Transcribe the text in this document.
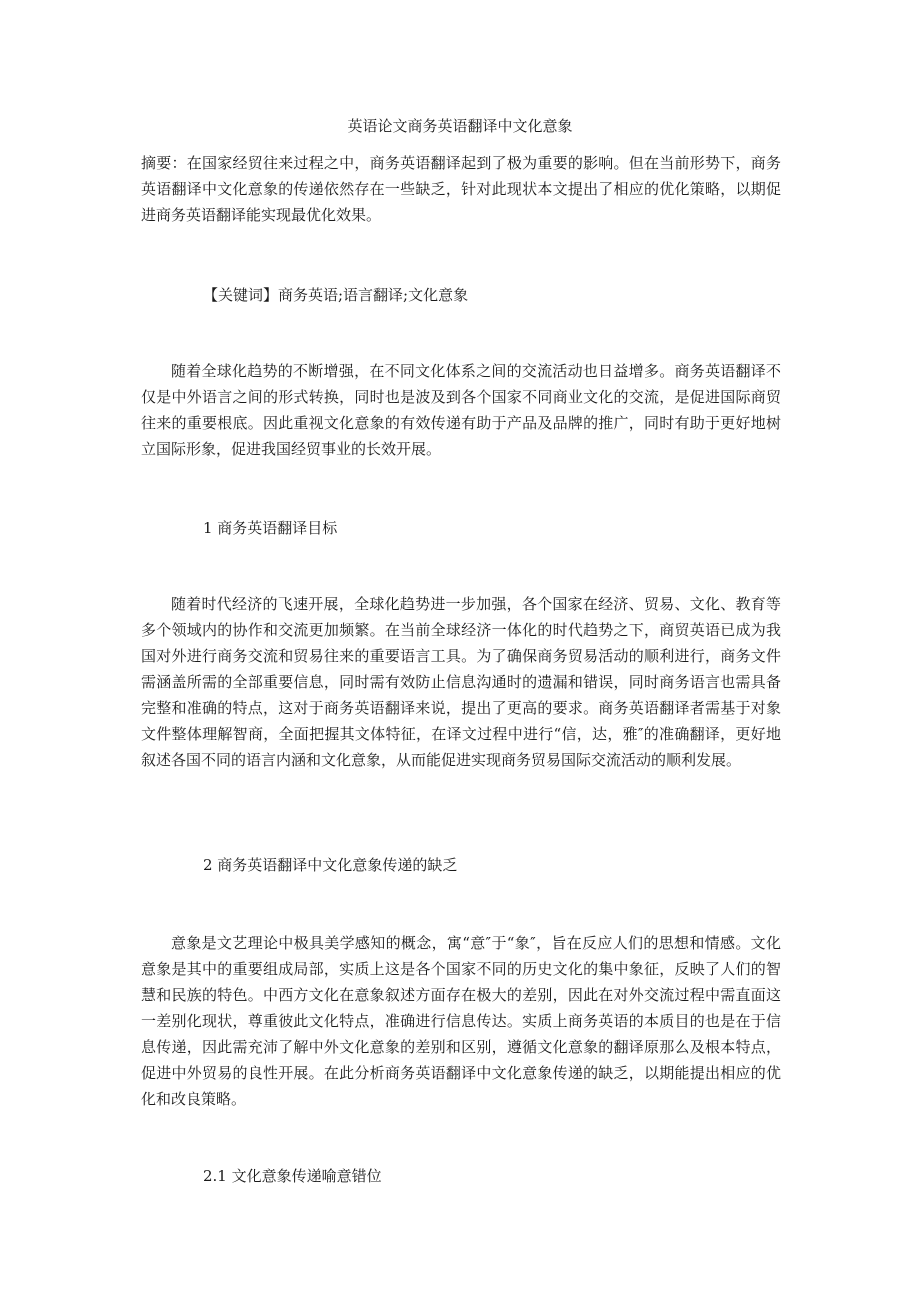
英语论文商务英语翻译中文化意象

摘要：在国家经贸往来过程之中，商务英语翻译起到了极为重要的影响。但在当前形势下，商务英语翻译中文化意象的传递依然存在一些缺乏，针对此现状本文提出了相应的优化策略，以期促进商务英语翻译能实现最优化效果。

【关键词】商务英语;语言翻译;文化意象

随着全球化趋势的不断增强，在不同文化体系之间的交流活动也日益增多。商务英语翻译不仅是中外语言之间的形式转换，同时也是波及到各个国家不同商业文化的交流，是促进国际商贸往来的重要根底。因此重视文化意象的有效传递有助于产品及品牌的推广，同时有助于更好地树立国际形象，促进我国经贸事业的长效开展。

1 商务英语翻译目标

随着时代经济的飞速开展，全球化趋势进一步加强，各个国家在经济、贸易、文化、教育等多个领域内的协作和交流更加频繁。在当前全球经济一体化的时代趋势之下，商贸英语已成为我国对外进行商务交流和贸易往来的重要语言工具。为了确保商务贸易活动的顺利进行，商务文件需涵盖所需的全部重要信息，同时需有效防止信息沟通时的遗漏和错误，同时商务语言也需具备完整和准确的特点，这对于商务英语翻译来说，提出了更高的要求。商务英语翻译者需基于对象文件整体理解智商，全面把握其文体特征，在译文过程中进行“信，达，雅″的准确翻译，更好地叙述各国不同的语言内涵和文化意象，从而能促进实现商务贸易国际交流活动的顺利发展。

2 商务英语翻译中文化意象传递的缺乏

意象是文艺理论中极具美学感知的概念，寓“意″于“象″，旨在反应人们的思想和情感。文化意象是其中的重要组成局部，实质上这是各个国家不同的历史文化的集中象征，反映了人们的智慧和民族的特色。中西方文化在意象叙述方面存在极大的差别，因此在对外交流过程中需直面这一差别化现状，尊重彼此文化特点，准确进行信息传达。实质上商务英语的本质目的也是在于信息传递，因此需充沛了解中外文化意象的差别和区别，遵循文化意象的翻译原那么及根本特点，促进中外贸易的良性开展。在此分析商务英语翻译中文化意象传递的缺乏，以期能提出相应的优化和改良策略。

2.1 文化意象传递喻意错位
